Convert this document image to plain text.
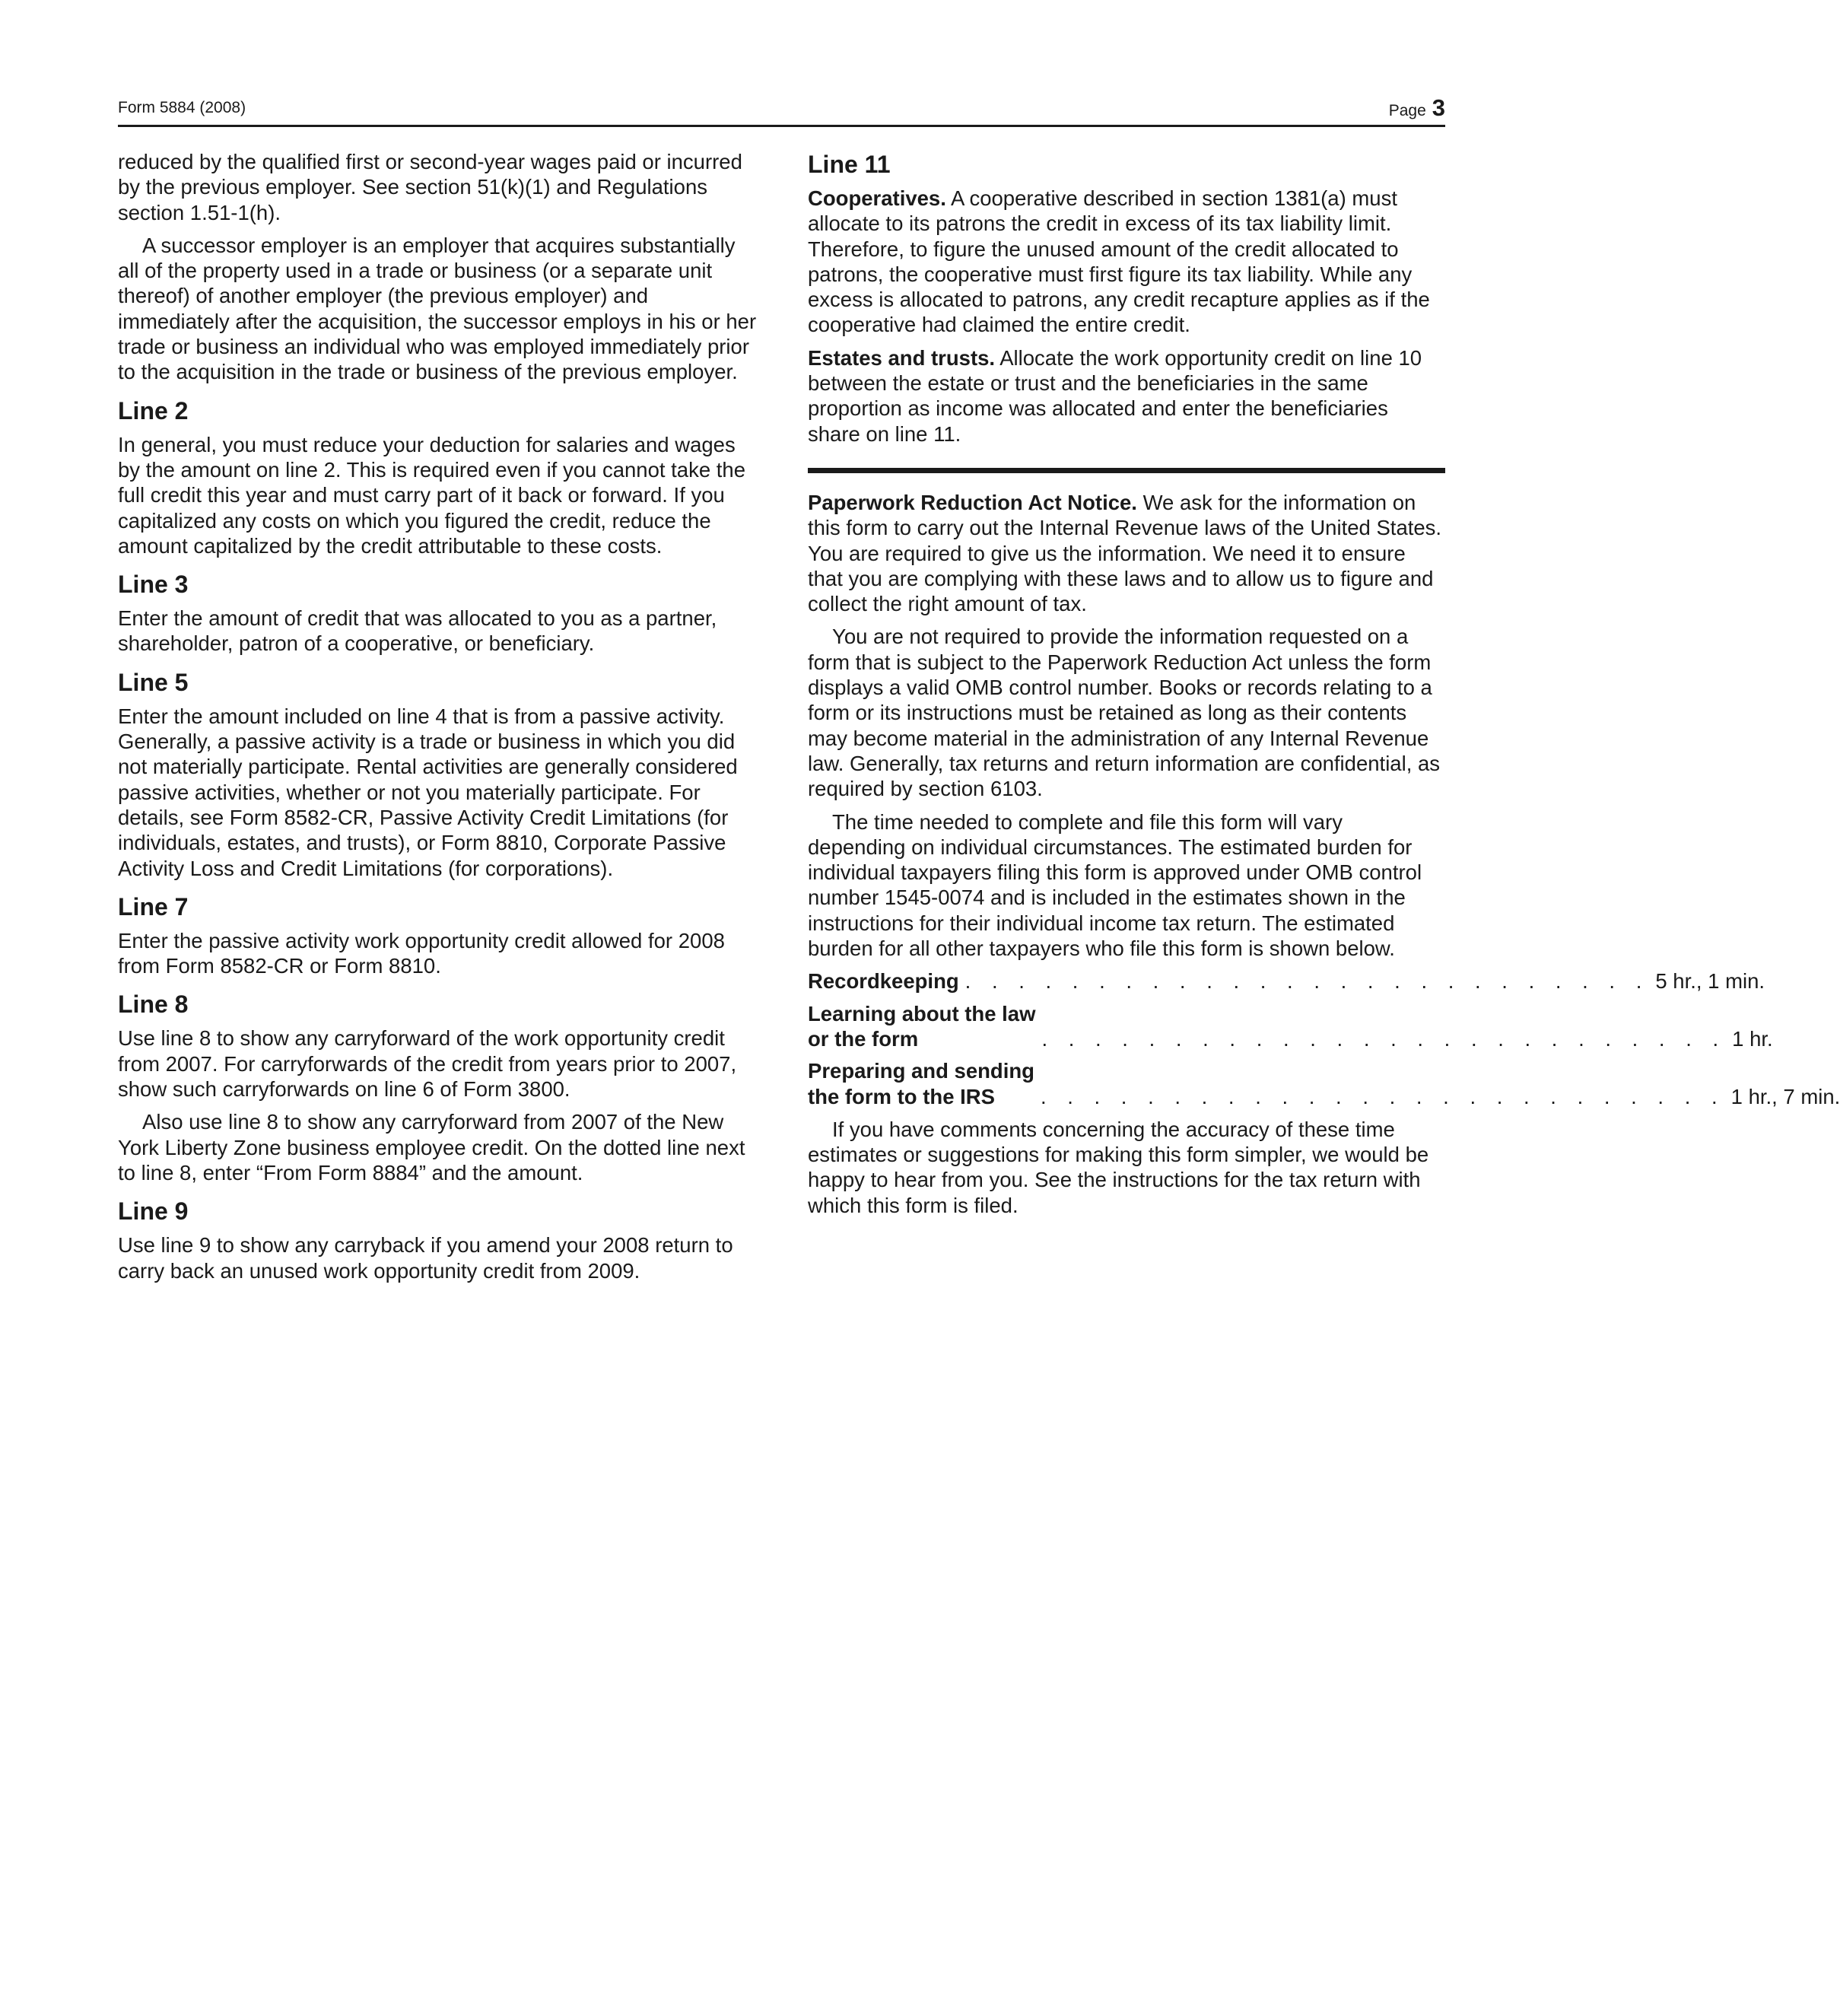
Form 5884 (2008)	Page 3

reduced by the qualified first or second-year wages paid or incurred by the previous employer. See section 51(k)(1) and Regulations section 1.51-1(h).

A successor employer is an employer that acquires substantially all of the property used in a trade or business (or a separate unit thereof) of another employer (the previous employer) and immediately after the acquisition, the successor employs in his or her trade or business an individual who was employed immediately prior to the acquisition in the trade or business of the previous employer.

Line 2

In general, you must reduce your deduction for salaries and wages by the amount on line 2. This is required even if you cannot take the full credit this year and must carry part of it back or forward. If you capitalized any costs on which you figured the credit, reduce the amount capitalized by the credit attributable to these costs.

Line 3

Enter the amount of credit that was allocated to you as a partner, shareholder, patron of a cooperative, or beneficiary.

Line 5

Enter the amount included on line 4 that is from a passive activity. Generally, a passive activity is a trade or business in which you did not materially participate. Rental activities are generally considered passive activities, whether or not you materially participate. For details, see Form 8582-CR, Passive Activity Credit Limitations (for individuals, estates, and trusts), or Form 8810, Corporate Passive Activity Loss and Credit Limitations (for corporations).

Line 7

Enter the passive activity work opportunity credit allowed for 2008 from Form 8582-CR or Form 8810.

Line 8

Use line 8 to show any carryforward of the work opportunity credit from 2007. For carryforwards of the credit from years prior to 2007, show such carryforwards on line 6 of Form 3800.

Also use line 8 to show any carryforward from 2007 of the New York Liberty Zone business employee credit. On the dotted line next to line 8, enter “From Form 8884” and the amount.

Line 9

Use line 9 to show any carryback if you amend your 2008 return to carry back an unused work opportunity credit from 2009.

Line 11

Cooperatives. A cooperative described in section 1381(a) must allocate to its patrons the credit in excess of its tax liability limit. Therefore, to figure the unused amount of the credit allocated to patrons, the cooperative must first figure its tax liability. While any excess is allocated to patrons, any credit recapture applies as if the cooperative had claimed the entire credit.

Estates and trusts. Allocate the work opportunity credit on line 10 between the estate or trust and the beneficiaries in the same proportion as income was allocated and enter the beneficiaries share on line 11.

Paperwork Reduction Act Notice. We ask for the information on this form to carry out the Internal Revenue laws of the United States. You are required to give us the information. We need it to ensure that you are complying with these laws and to allow us to figure and collect the right amount of tax.

You are not required to provide the information requested on a form that is subject to the Paperwork Reduction Act unless the form displays a valid OMB control number. Books or records relating to a form or its instructions must be retained as long as their contents may become material in the administration of any Internal Revenue law. Generally, tax returns and return information are confidential, as required by section 6103.

The time needed to complete and file this form will vary depending on individual circumstances. The estimated burden for individual taxpayers filing this form is approved under OMB control number 1545-0074 and is included in the estimates shown in the instructions for their individual income tax return. The estimated burden for all other taxpayers who file this form is shown below.

Recordkeeping . . . . . . . . . . . . . . . . . . . . . . . . . . 5 hr., 1 min.
Learning about the law
or the form	. . . . . . . . . . . . . . . . . . . . . . . . . . 1 hr.
Preparing and sending
the form to the IRS	. . . . . . . . . . . . . . . . . . . . . . . . . . 1 hr., 7 min.

If you have comments concerning the accuracy of these time estimates or suggestions for making this form simpler, we would be happy to hear from you. See the instructions for the tax return with which this form is filed.
